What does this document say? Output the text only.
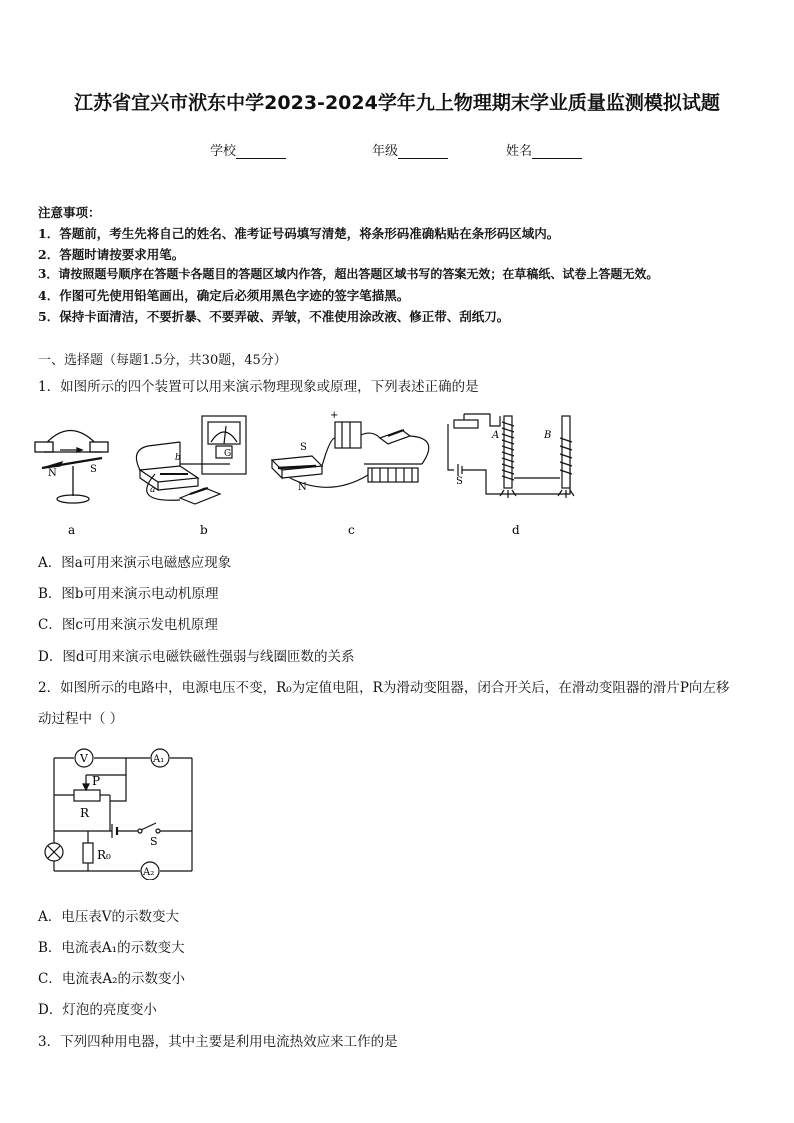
江苏省宜兴市洑东中学2023-2024学年九上物理期末学业质量监测模拟试题
学校	年级	姓名
注意事项：
1．答题前，考生先将自己的姓名、准考证号码填写清楚，将条形码准确粘贴在条形码区域内。
2．答题时请按要求用笔。
3．请按照题号顺序在答题卡各题目的答题区域内作答，超出答题区域书写的答案无效；在草稿纸、试卷上答题无效。
4．作图可先使用铅笔画出，确定后必须用黑色字迹的签字笔描黑。
5．保持卡面清洁，不要折暴、不要弄破、弄皱，不准使用涂改液、修正带、刮纸刀。
一、选择题（每题1.5分，共30题，45分）
1．如图所示的四个装置可以用来演示物理现象或原理，下列表述正确的是
N	S
G
b
a
+
S
N
A	B
S
a	b	c	d
A．图a可用来演示电磁感应现象
B．图b可用来演示电动机原理
C．图c可用来演示发电机原理
D．图d可用来演示电磁铁磁性强弱与线圈匝数的关系
2．如图所示的电路中，电源电压不变，R₀为定值电阻，R为滑动变阻器，闭合开关后，在滑动变阻器的滑片P向左移
动过程中（ ）
V	A₁
A₂
P
R
R₀
S
A．电压表V的示数变大
B．电流表A₁的示数变大
C．电流表A₂的示数变小
D．灯泡的亮度变小
3．下列四种用电器，其中主要是利用电流热效应来工作的是
